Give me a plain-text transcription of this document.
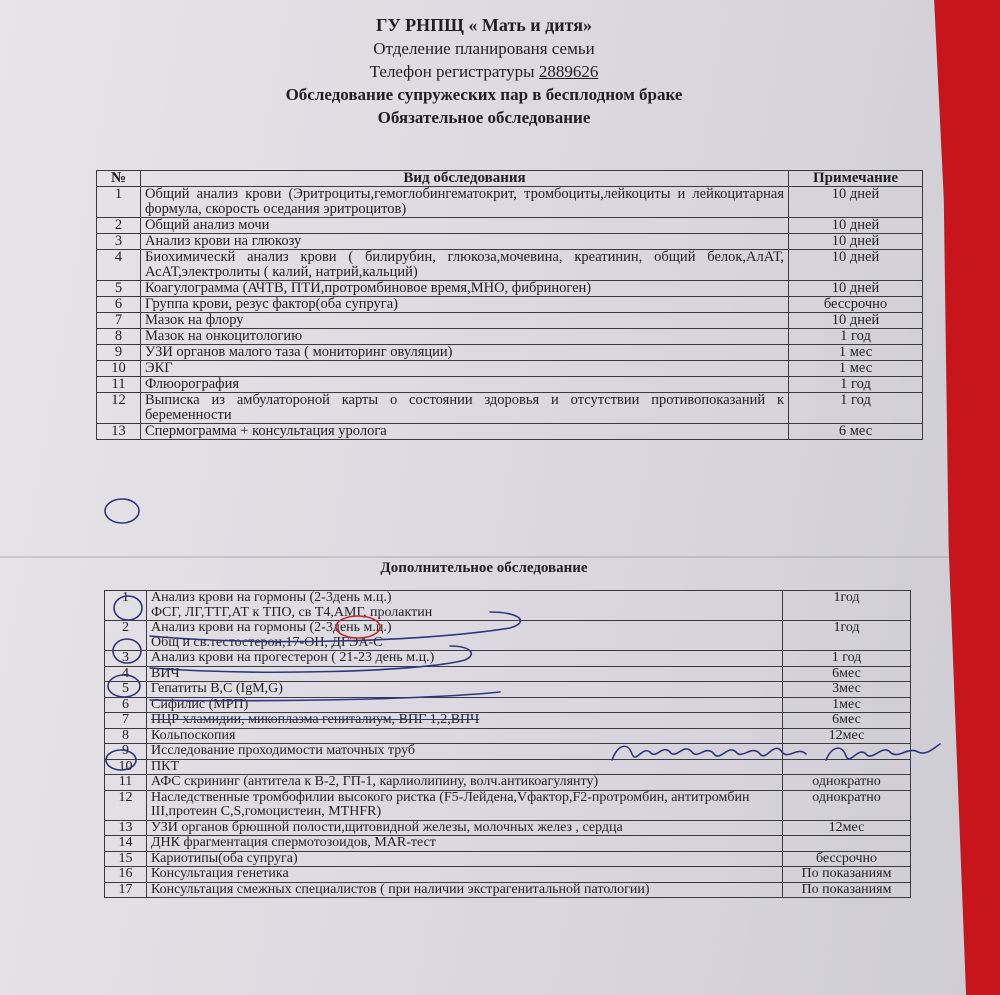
ГУ РНПЩ « Мать и дитя»
Отделение планированя семьи
Телефон регистратуры 2889626
Обследование супружеских пар в бесплодном браке
Обязательное обследование
№	Вид обследования	Примечание
1	Общий анализ крови (Эритроциты,гемоглобингематокрит, тромбоциты,лейкоциты и лейкоцитарная формула, скорость оседания эритроцитов)	10 дней
2	Общий анализ мочи	10 дней
3	Анализ крови на глюкозу	10 дней
4	Биохимическй анализ крови ( билирубин, глюкоза,мочевина, креатинин, общий белок,АлАТ, АсАТ,электролиты ( калий, натрий,кальций)	10 дней
5	Коагулограмма (АЧТВ, ПТИ,протромбиновое время,МНО, фибриноген)	10 дней
6	Группа крови, резус фактор(оба супруга)	бессрочно
7	Мазок на флору	10 дней
8	Мазок на онкоцитологию	1 год
9	УЗИ органов малого таза ( мониторинг овуляции)	1 мес
10	ЭКГ	1 мес
11	Флюорография	1 год
12	Выписка из амбулатороной карты о состоянии здоровья и отсутствии противопоказаний к беременности	1 год
13	Спермограмма + консультация уролога	6 мес
Дополнительное обследование
1	Анализ крови на гормоны (2-3день м.ц.)
ФСГ, ЛГ,ТТГ,АТ к ТПО, св Т4,АМГ, пролактин	1год
2	Анализ крови на гормоны (2-3день м.ц.)
Общ и св.тестостерон,17-ОН, ДГЭА-С	1год
3	Анализ крови на прогестерон ( 21-23 день м.ц.)	1 год
4	ВИЧ	6мес
5	Гепатиты В,С (IgM,G)	3мес
6	Сифилис (МРП)	1мес
7	ПЦР хламидии, микоплазма гениталиум, ВПГ 1,2,ВПЧ	6мес
8	Кольпоскопия	12мес
9	Исследование проходимости маточных труб	
10	ПКТ	
11	АФС скрининг (антитела к В-2, ГП-1, карлиолипину, волч.антикоагулянту)	однократно
12	Наследственные тромбофилии высокого ристка (F5-Лейдена,Vфактор,F2-протромбин, антитромбин III,протеин C,S,гомоцистеин, MTHFR)	однократно
13	УЗИ органов брюшной полости,щитовидной железы, молочных желез , сердца	12мес
14	ДНК фрагментация спермотозоидов, MAR-тест	
15	Кариотипы(оба супруга)	бессрочно
16	Консультация генетика	По показаниям
17	Консультация смежных специалистов ( при наличии экстрагенитальной патологии)	По показаниям
